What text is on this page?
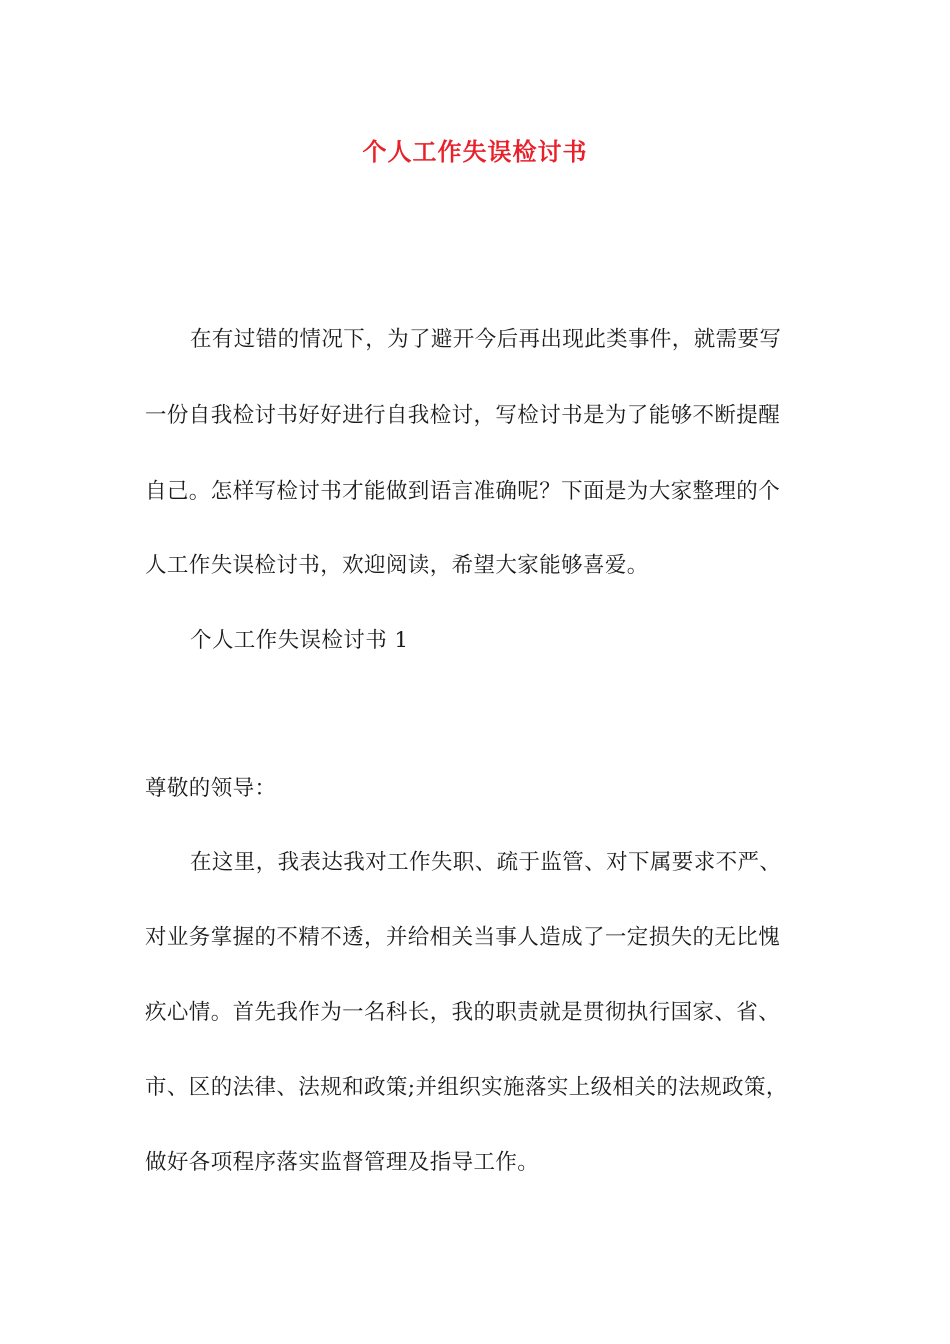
个人工作失误检讨书
在有过错的情况下，为了避开今后再出现此类事件，就需要写
一份自我检讨书好好进行自我检讨，写检讨书是为了能够不断提醒
自己。怎样写检讨书才能做到语言准确呢？下面是为大家整理的个
人工作失误检讨书，欢迎阅读，希望大家能够喜爱。
个人工作失误检讨书 1
尊敬的领导：
在这里，我表达我对工作失职、疏于监管、对下属要求不严、
对业务掌握的不精不透，并给相关当事人造成了一定损失的无比愧
疚心情。首先我作为一名科长，我的职责就是贯彻执行国家、省、
市、区的法律、法规和政策;并组织实施落实上级相关的法规政策，
做好各项程序落实监督管理及指导工作。
